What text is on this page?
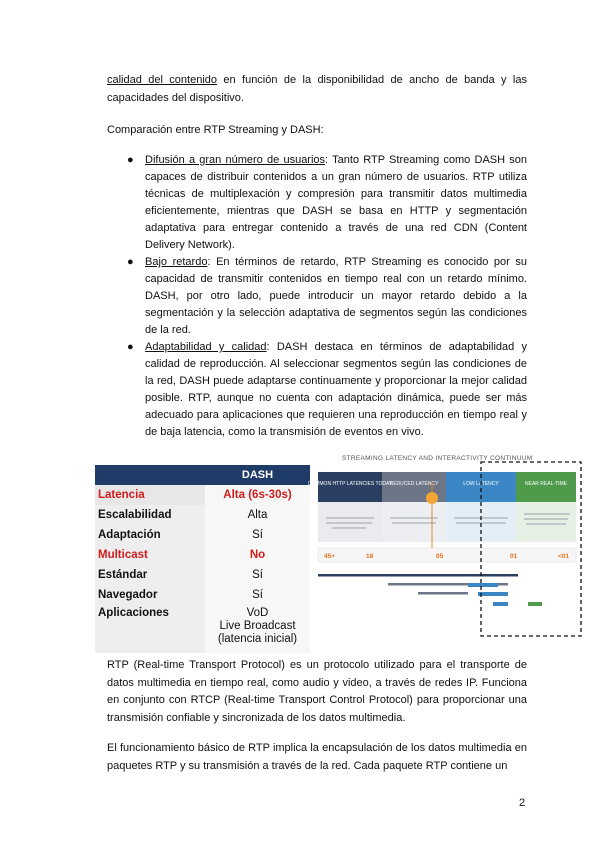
calidad del contenido en función de la disponibilidad de ancho de banda y las capacidades del dispositivo.
Comparación entre RTP Streaming y DASH:
● Difusión a gran número de usuarios: Tanto RTP Streaming como DASH son capaces de distribuir contenidos a un gran número de usuarios. RTP utiliza técnicas de multiplexación y compresión para transmitir datos multimedia eficientemente, mientras que DASH se basa en HTTP y segmentación adaptativa para entregar contenido a través de una red CDN (Content Delivery Network).
● Bajo retardo: En términos de retardo, RTP Streaming es conocido por su capacidad de transmitir contenidos en tiempo real con un retardo mínimo. DASH, por otro lado, puede introducir un mayor retardo debido a la segmentación y la selección adaptativa de segmentos según las condiciones de la red.
● Adaptabilidad y calidad: DASH destaca en términos de adaptabilidad y calidad de reproducción. Al seleccionar segmentos según las condiciones de la red, DASH puede adaptarse continuamente y proporcionar la mejor calidad posible. RTP, aunque no cuenta con adaptación dinámica, puede ser más adecuado para aplicaciones que requieren una reproducción en tiempo real y de baja latencia, como la transmisión de eventos en vivo.
	DASH
Latencia	Alta (6s-30s)
Escalabilidad	Alta
Adaptación	Sí
Multicast	No
Estándar	Sí
Navegador	Sí
Aplicaciones	VoD
Live Broadcast
(latencia inicial)
STREAMING LATENCY AND INTERACTIVITY CONTINUUM
COMMON HTTP LATENCIES TODAY
REDUCED LATENCY	LOW LATENCY	NEAR REAL-TIME
45+	18	05	01	<01
RTP (Real-time Transport Protocol) es un protocolo utilizado para el transporte de datos multimedia en tiempo real, como audio y video, a través de redes IP. Funciona en conjunto con RTCP (Real-time Transport Control Protocol) para proporcionar una transmisión confiable y sincronizada de los datos multimedia.
El funcionamiento básico de RTP implica la encapsulación de los datos multimedia en paquetes RTP y su transmisión a través de la red. Cada paquete RTP contiene un
2
